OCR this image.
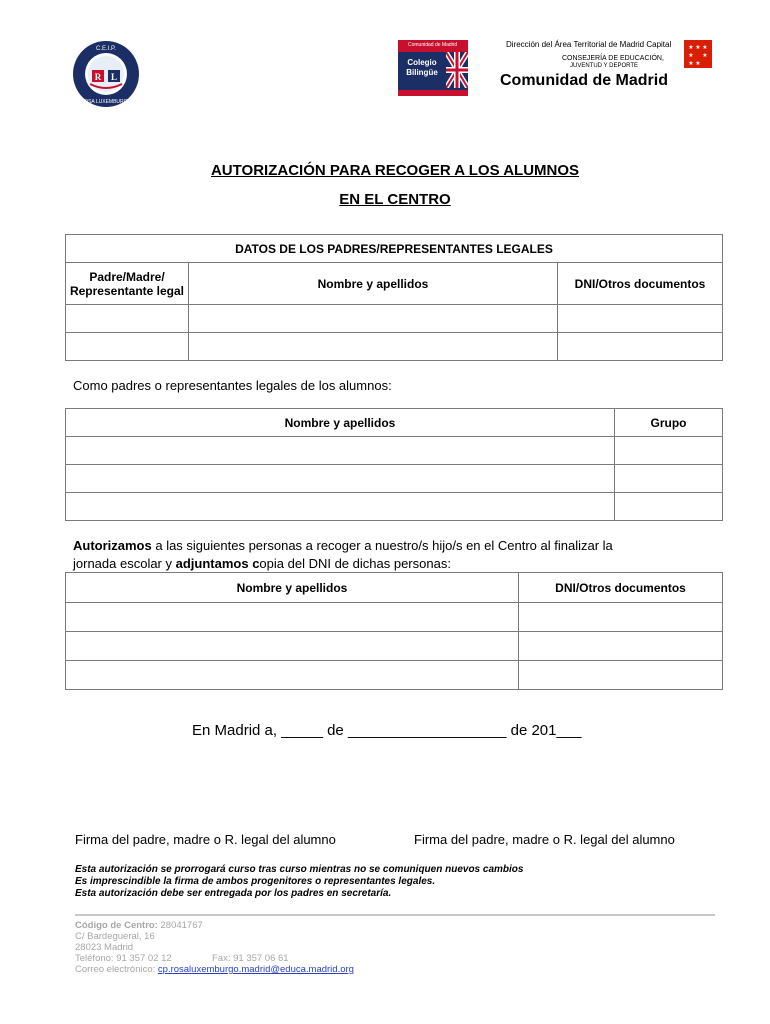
R L
C.E.I.P.
ROSA LUXEMBURGO
Comunidad de Madrid
Colegio
Bilingüe
Dirección del Área Territorial de Madrid Capital
CONSEJERÍA DE EDUCACIÓN,
JUVENTUD Y DEPORTE
Comunidad de Madrid
★ ★ ★
★ ★
★ ★
AUTORIZACIÓN PARA RECOGER A LOS ALUMNOS
EN EL CENTRO
DATOS DE LOS PADRES/REPRESENTANTES LEGALES		
Padre/Madre/ Representante legal	Nombre y apellidos	DNI/Otros documentos

Como padres o representantes legales de los alumnos:
Nombre y apellidos	Grupo

Autorizamos a las siguientes personas a recoger a nuestro/s hijo/s en el Centro al finalizar la
jornada escolar y adjuntamos copia del DNI de dichas personas:
Nombre y apellidos	DNI/Otros documentos

En Madrid a, _____ de ___________________ de 201___
Firma del padre, madre o R. legal del alumno	Firma del padre, madre o R. legal del alumno
Esta autorización se prorrogará curso tras curso mientras no se comuniquen nuevos cambios
Es imprescindible la firma de ambos progenitores o representantes legales.
Esta autorización debe ser entregada por los padres en secretaría.
Código de Centro: 28041767
C/ Bardegueral, 16
28023 Madrid
Teléfono: 91 357 02 12	Fax: 91 357 06 61
Correo electrónico: cp.rosaluxemburgo.madrid@educa.madrid.org
